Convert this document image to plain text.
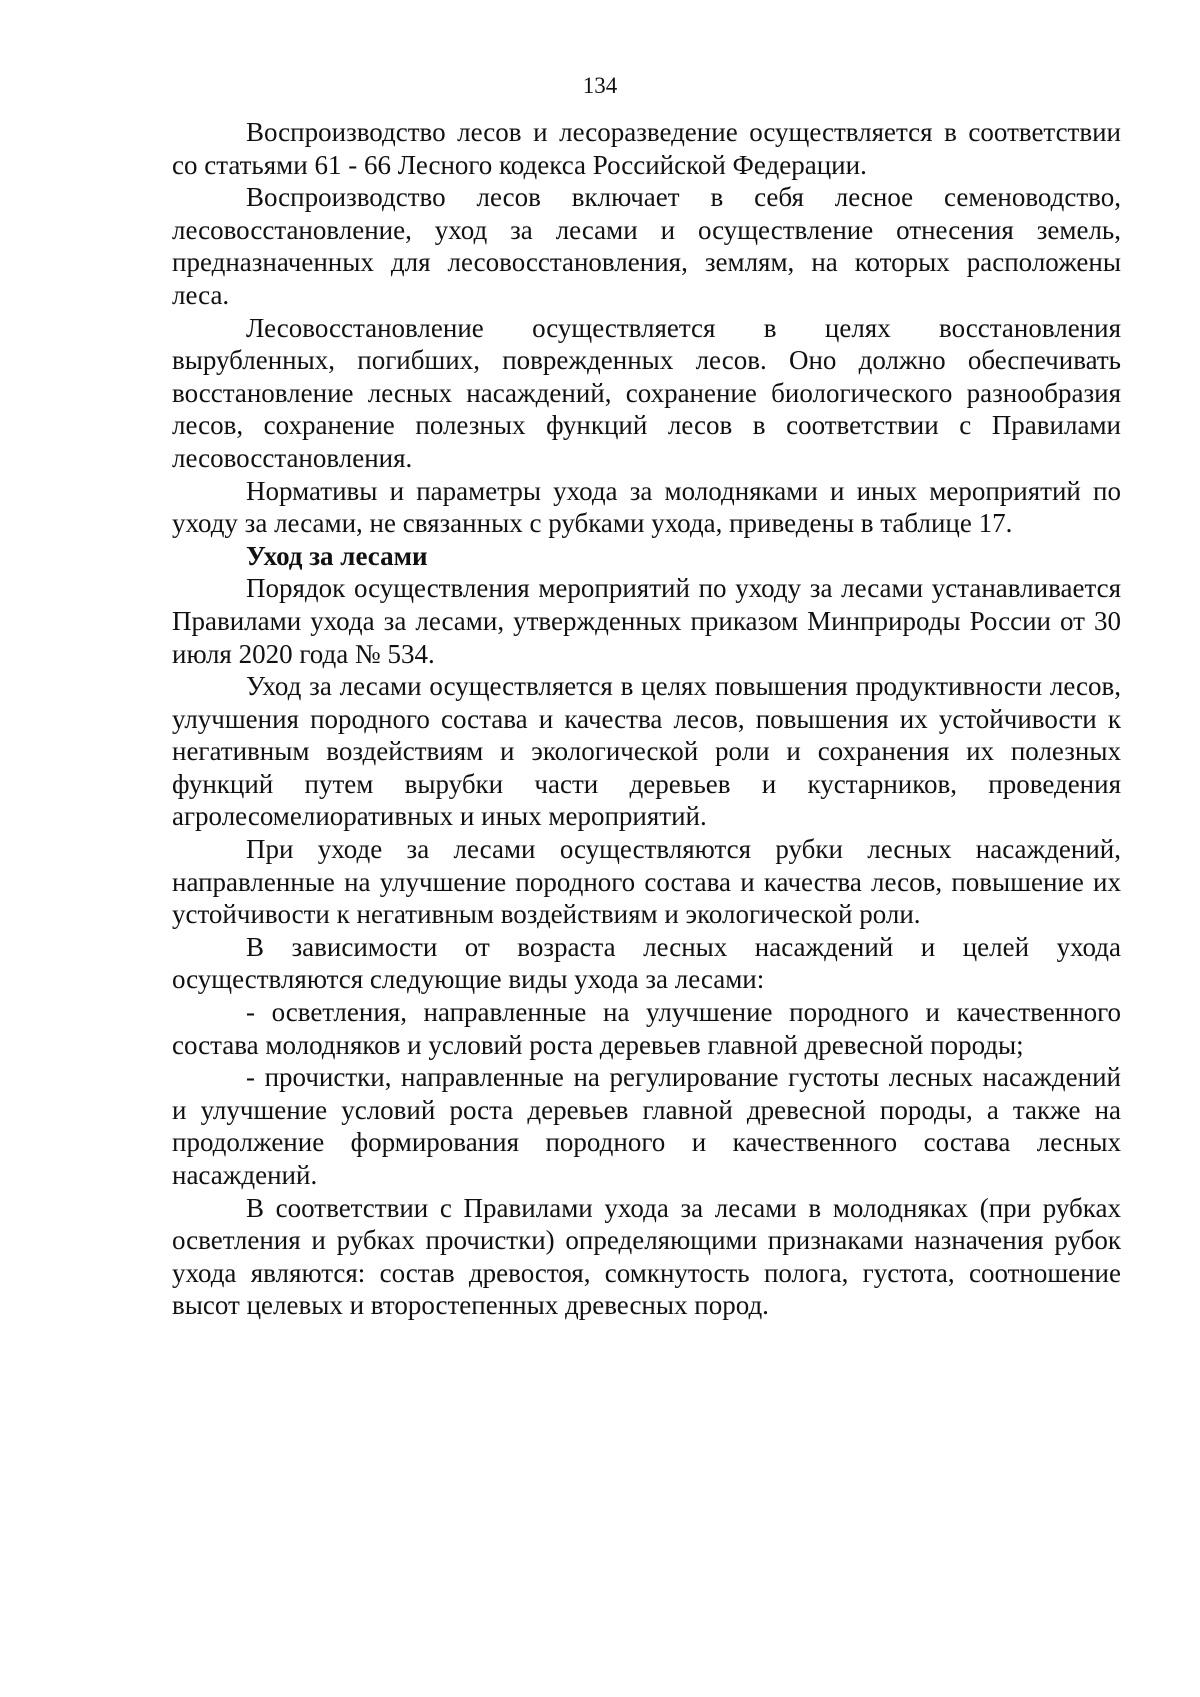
134

Воспроизводство лесов и лесоразведение осуществляется в соответствии со статьями 61 - 66 Лесного кодекса Российской Федерации.

Воспроизводство лесов включает в себя лесное семеноводство, лесовосстановление, уход за лесами и осуществление отнесения земель, предназначенных для лесовосстановления, землям, на которых расположены леса.

Лесовосстановление осуществляется в целях восстановления вырубленных, погибших, поврежденных лесов. Оно должно обеспечивать восстановление лесных насаждений, сохранение биологического разнообразия лесов, сохранение полезных функций лесов в соответствии с Правилами лесовосстановления.

Нормативы и параметры ухода за молодняками и иных мероприятий по уходу за лесами, не связанных с рубками ухода, приведены в таблице 17.

Уход за лесами

Порядок осуществления мероприятий по уходу за лесами устанавливается Правилами ухода за лесами, утвержденных приказом Минприроды России от 30 июля 2020 года № 534.

Уход за лесами осуществляется в целях повышения продуктивности лесов, улучшения породного состава и качества лесов, повышения их устойчивости к негативным воздействиям и экологической роли и сохранения их полезных функций путем вырубки части деревьев и кустарников, проведения агролесомелиоративных и иных мероприятий.

При уходе за лесами осуществляются рубки лесных насаждений, направленные на улучшение породного состава и качества лесов, повышение их устойчивости к негативным воздействиям и экологической роли.

В зависимости от возраста лесных насаждений и целей ухода осуществляются следующие виды ухода за лесами:

- осветления, направленные на улучшение породного и качественного состава молодняков и условий роста деревьев главной древесной породы;

- прочистки, направленные на регулирование густоты лесных насаждений и улучшение условий роста деревьев главной древесной породы, а также на продолжение формирования породного и качественного состава лесных насаждений.

В соответствии с Правилами ухода за лесами в молодняках (при рубках осветления и рубках прочистки) определяющими признаками назначения рубок ухода являются: состав древостоя, сомкнутость полога, густота, соотношение высот целевых и второстепенных древесных пород.
